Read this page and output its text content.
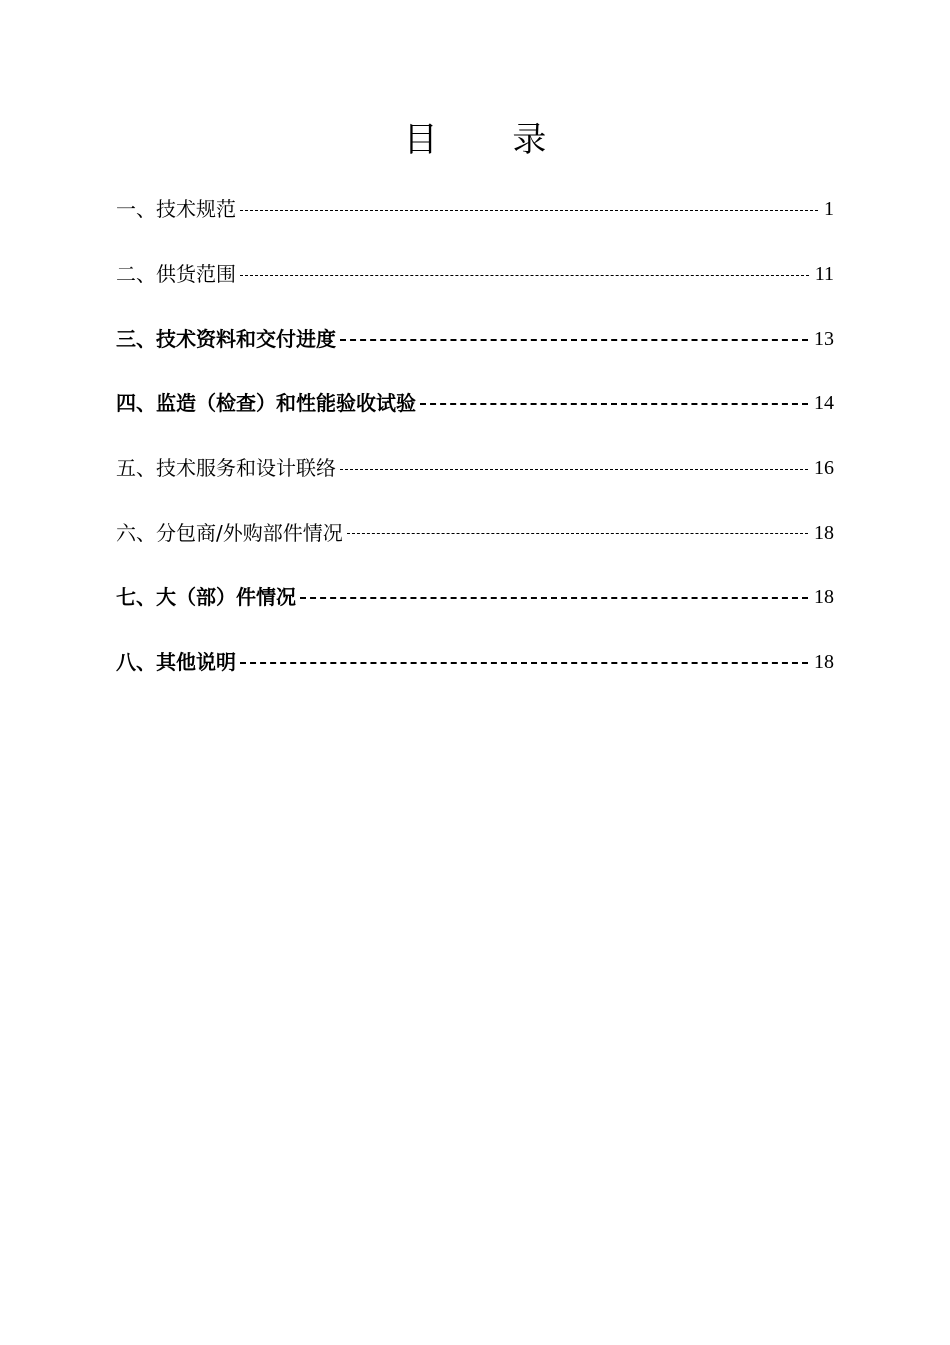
目 录
一、技术规范	1
二、供货范围	11
三、技术资料和交付进度	13
四、监造（检查）和性能验收试验	14
五、技术服务和设计联络	16
六、分包商/外购部件情况	18
七、大（部）件情况	18
八、其他说明	18
